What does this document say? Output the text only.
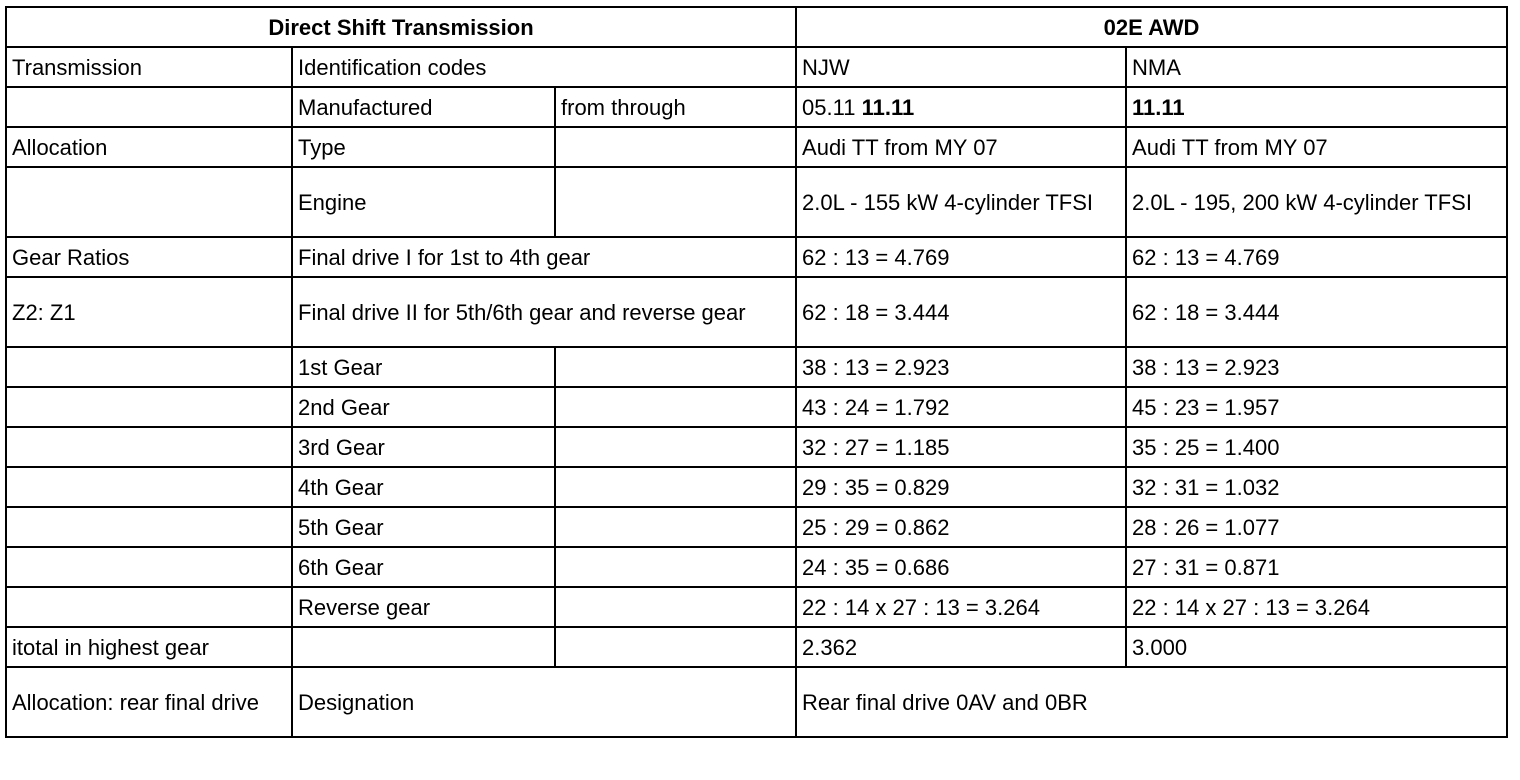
Direct Shift Transmission			02E AWD	
Transmission	Identification codes		NJW	NMA
	Manufactured	from through	05.11 11.11	11.11
Allocation	Type		Audi TT from MY 07	Audi TT from MY 07
	Engine		2.0L - 155 kW 4-cylinder TFSI	2.0L - 195, 200 kW 4-cylinder TFSI
Gear Ratios	Final drive I for 1st to 4th gear		62 : 13 = 4.769	62 : 13 = 4.769
Z2: Z1	Final drive II for 5th/6th gear and reverse gear		62 : 18 = 3.444	62 : 18 = 3.444
	1st Gear		38 : 13 = 2.923	38 : 13 = 2.923
	2nd Gear		43 : 24 = 1.792	45 : 23 = 1.957
	3rd Gear		32 : 27 = 1.185	35 : 25 = 1.400
	4th Gear		29 : 35 = 0.829	32 : 31 = 1.032
	5th Gear		25 : 29 = 0.862	28 : 26 = 1.077
	6th Gear		24 : 35 = 0.686	27 : 31 = 0.871
	Reverse gear		22 : 14 x 27 : 13 = 3.264	22 : 14 x 27 : 13 = 3.264
itotal in highest gear			2.362	3.000
Allocation: rear final drive	Designation		Rear final drive 0AV and 0BR	
